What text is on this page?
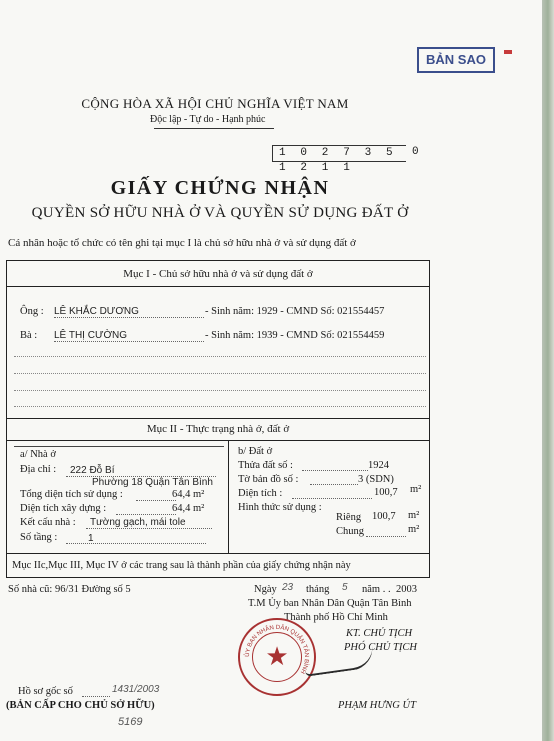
BẢN SAO
CỘNG HÒA XÃ HỘI CHỦ NGHĨA VIỆT NAM
Độc lập - Tự do - Hạnh phúc
1 0 2 7 3 5 1 2 1 1
0
GIẤY CHỨNG NHẬN
QUYỀN SỞ HỮU NHÀ Ở VÀ QUYỀN SỬ DỤNG ĐẤT Ở
Cá nhân hoặc tổ chức có tên ghi tại mục I là chủ sở hữu nhà ở và sử dụng đất ở
Mục I - Chủ sở hữu nhà ở và sử dụng đất ở
Ông : LÊ KHẮC DƯƠNG	- Sinh năm: 1929 - CMND Số: 021554457
Bà : LÊ THỊ CƯỜNG	- Sinh năm: 1939 - CMND Số: 021554459
Mục II - Thực trạng nhà ở, đất ở
a/ Nhà ở
Địa chỉ : 222 Đỗ Bí
Phường 18 Quận Tân Bình
Tổng diện tích sử dụng :	64,4 m²
Diện tích xây dựng :	64,4 m²
Kết cấu nhà : Tường gạch, mái tole
Số tầng :	1
b/ Đất ở
Thửa đất số :	1924
Tờ bản đồ số :	3 (SDN)
Diện tích :	100,7 m²
Hình thức sử dụng :
Riêng 100,7 m²
Chung	m²
Mục IIc,Mục III, Mục IV ở các trang sau là thành phần của giấy chứng nhận này
Số nhà cũ: 96/31 Đường số 5	Ngày 23 tháng 5 năm . . 2003
T.M Ủy ban Nhân Dân Quận Tân Bình
Thành phố Hồ Chí Minh
KT. CHỦ TỊCH
PHÓ CHỦ TỊCH
ỦY BAN NHÂN DÂN QUẬN TÂN BÌNH
★
PHẠM HƯNG ÚT
Hồ sơ gốc số	1431/2003
(BẢN CẤP CHO CHỦ SỞ HỮU)
5169
